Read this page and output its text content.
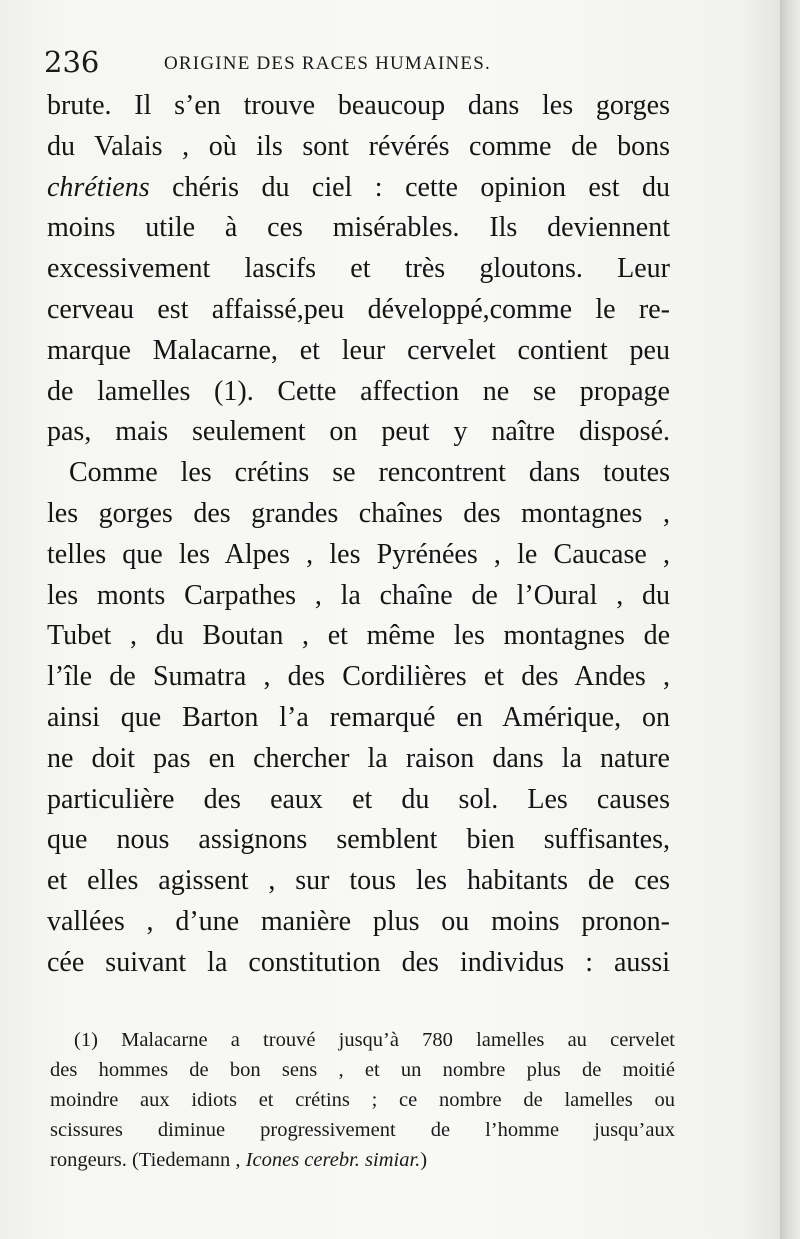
236	ORIGINE DES RACES HUMAINES.
brute. Il s’en trouve beaucoup dans les gorges
du Valais , où ils sont révérés comme de bons
chrétiens chéris du ciel : cette opinion est du
moins utile à ces misérables. Ils deviennent
excessivement lascifs et très gloutons. Leur
cerveau est affaissé,peu développé,comme le re-
marque Malacarne, et leur cervelet contient peu
de lamelles (1). Cette affection ne se propage
pas, mais seulement on peut y naître disposé.
Comme les crétins se rencontrent dans toutes
les gorges des grandes chaînes des montagnes ,
telles que les Alpes , les Pyrénées , le Caucase ,
les monts Carpathes , la chaîne de l’Oural , du
Tubet , du Boutan , et même les montagnes de
l’île de Sumatra , des Cordilières et des Andes ,
ainsi que Barton l’a remarqué en Amérique, on
ne doit pas en chercher la raison dans la nature
particulière des eaux et du sol. Les causes
que nous assignons semblent bien suffisantes,
et elles agissent , sur tous les habitants de ces
vallées , d’une manière plus ou moins pronon-
cée suivant la constitution des individus : aussi
(1) Malacarne a trouvé jusqu’à 780 lamelles au cervelet
des hommes de bon sens , et un nombre plus de moitié
moindre aux idiots et crétins ; ce nombre de lamelles ou
scissures diminue progressivement de l’homme jusqu’aux
rongeurs. (Tiedemann , Icones cerebr. simiar.)
